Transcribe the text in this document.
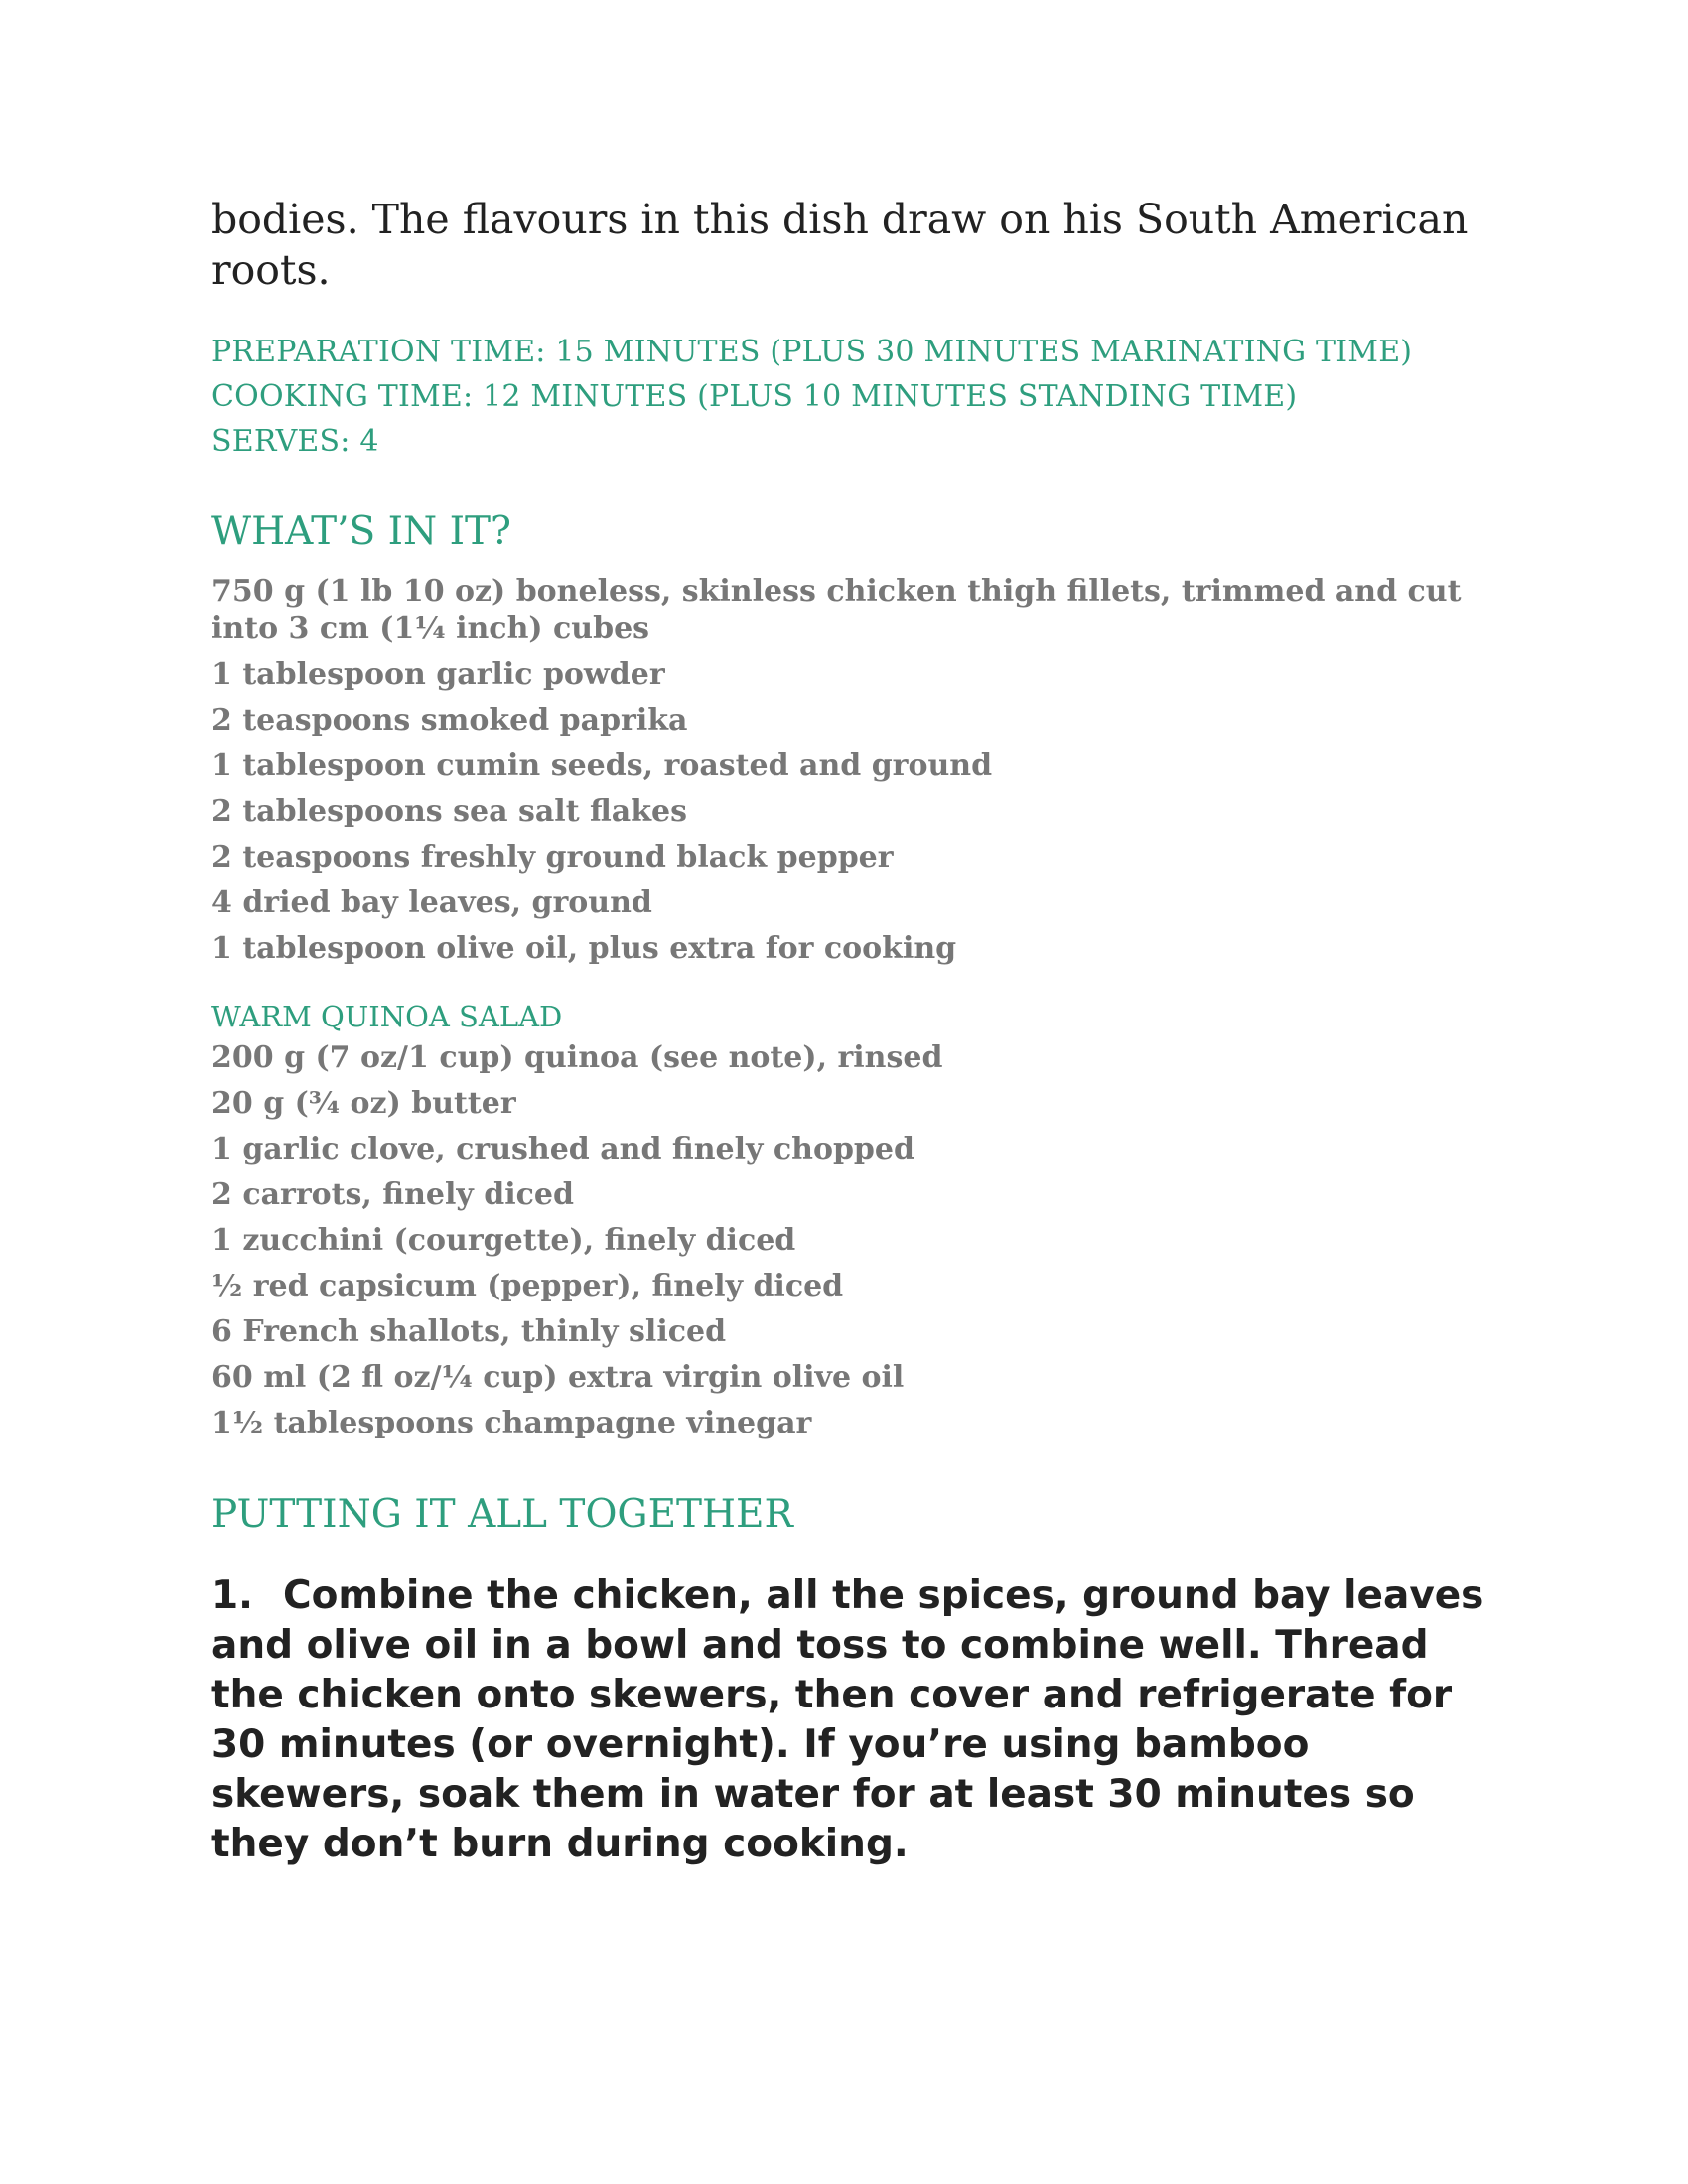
bodies. The flavours in this dish draw on his South American roots.

PREPARATION TIME: 15 MINUTES (PLUS 30 MINUTES MARINATING TIME)
COOKING TIME: 12 MINUTES (PLUS 10 MINUTES STANDING TIME)
SERVES: 4
WHAT’S IN IT?
750 g (1 lb 10 oz) boneless, skinless chicken thigh fillets, trimmed and cut into 3 cm (1¼ inch) cubes
1 tablespoon garlic powder
2 teaspoons smoked paprika
1 tablespoon cumin seeds, roasted and ground
2 tablespoons sea salt flakes
2 teaspoons freshly ground black pepper
4 dried bay leaves, ground
1 tablespoon olive oil, plus extra for cooking
WARM QUINOA SALAD
200 g (7 oz/1 cup) quinoa (see note), rinsed
20 g (¾ oz) butter
1 garlic clove, crushed and finely chopped
2 carrots, finely diced
1 zucchini (courgette), finely diced
½ red capsicum (pepper), finely diced
6 French shallots, thinly sliced
60 ml (2 fl oz/¼ cup) extra virgin olive oil
1½ tablespoons champagne vinegar
PUTTING IT ALL TOGETHER
1. Combine the chicken, all the spices, ground bay leaves and olive oil in a bowl and toss to combine well. Thread the chicken onto skewers, then cover and refrigerate for 30 minutes (or overnight). If you’re using bamboo skewers, soak them in water for at least 30 minutes so they don’t burn during cooking.
